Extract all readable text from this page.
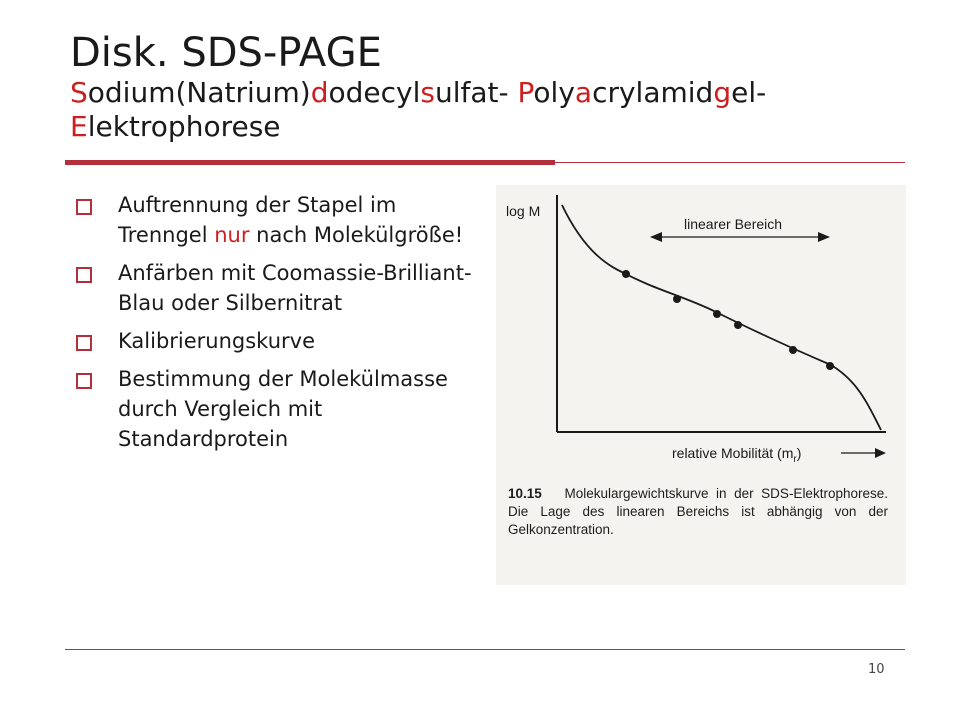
Disk. SDS-PAGE
Sodium(Natrium)dodecylsulfat- Polyacrylamidgel-Elektrophorese
Auftrennung der Stapel im Trenngel nur nach Molekülgröße!
Anfärben mit Coomassie-Brilliant-Blau oder Silbernitrat
Kalibrierungskurve
Bestimmung der Molekülmasse durch Vergleich mit Standardprotein
log M
linearer Bereich
relative Mobilität $(m_r)$
10.15 Molekulargewichtskurve in der SDS-Elektrophorese. Die Lage des linearen Bereichs ist abhängig von der Gelkonzentration.
10
